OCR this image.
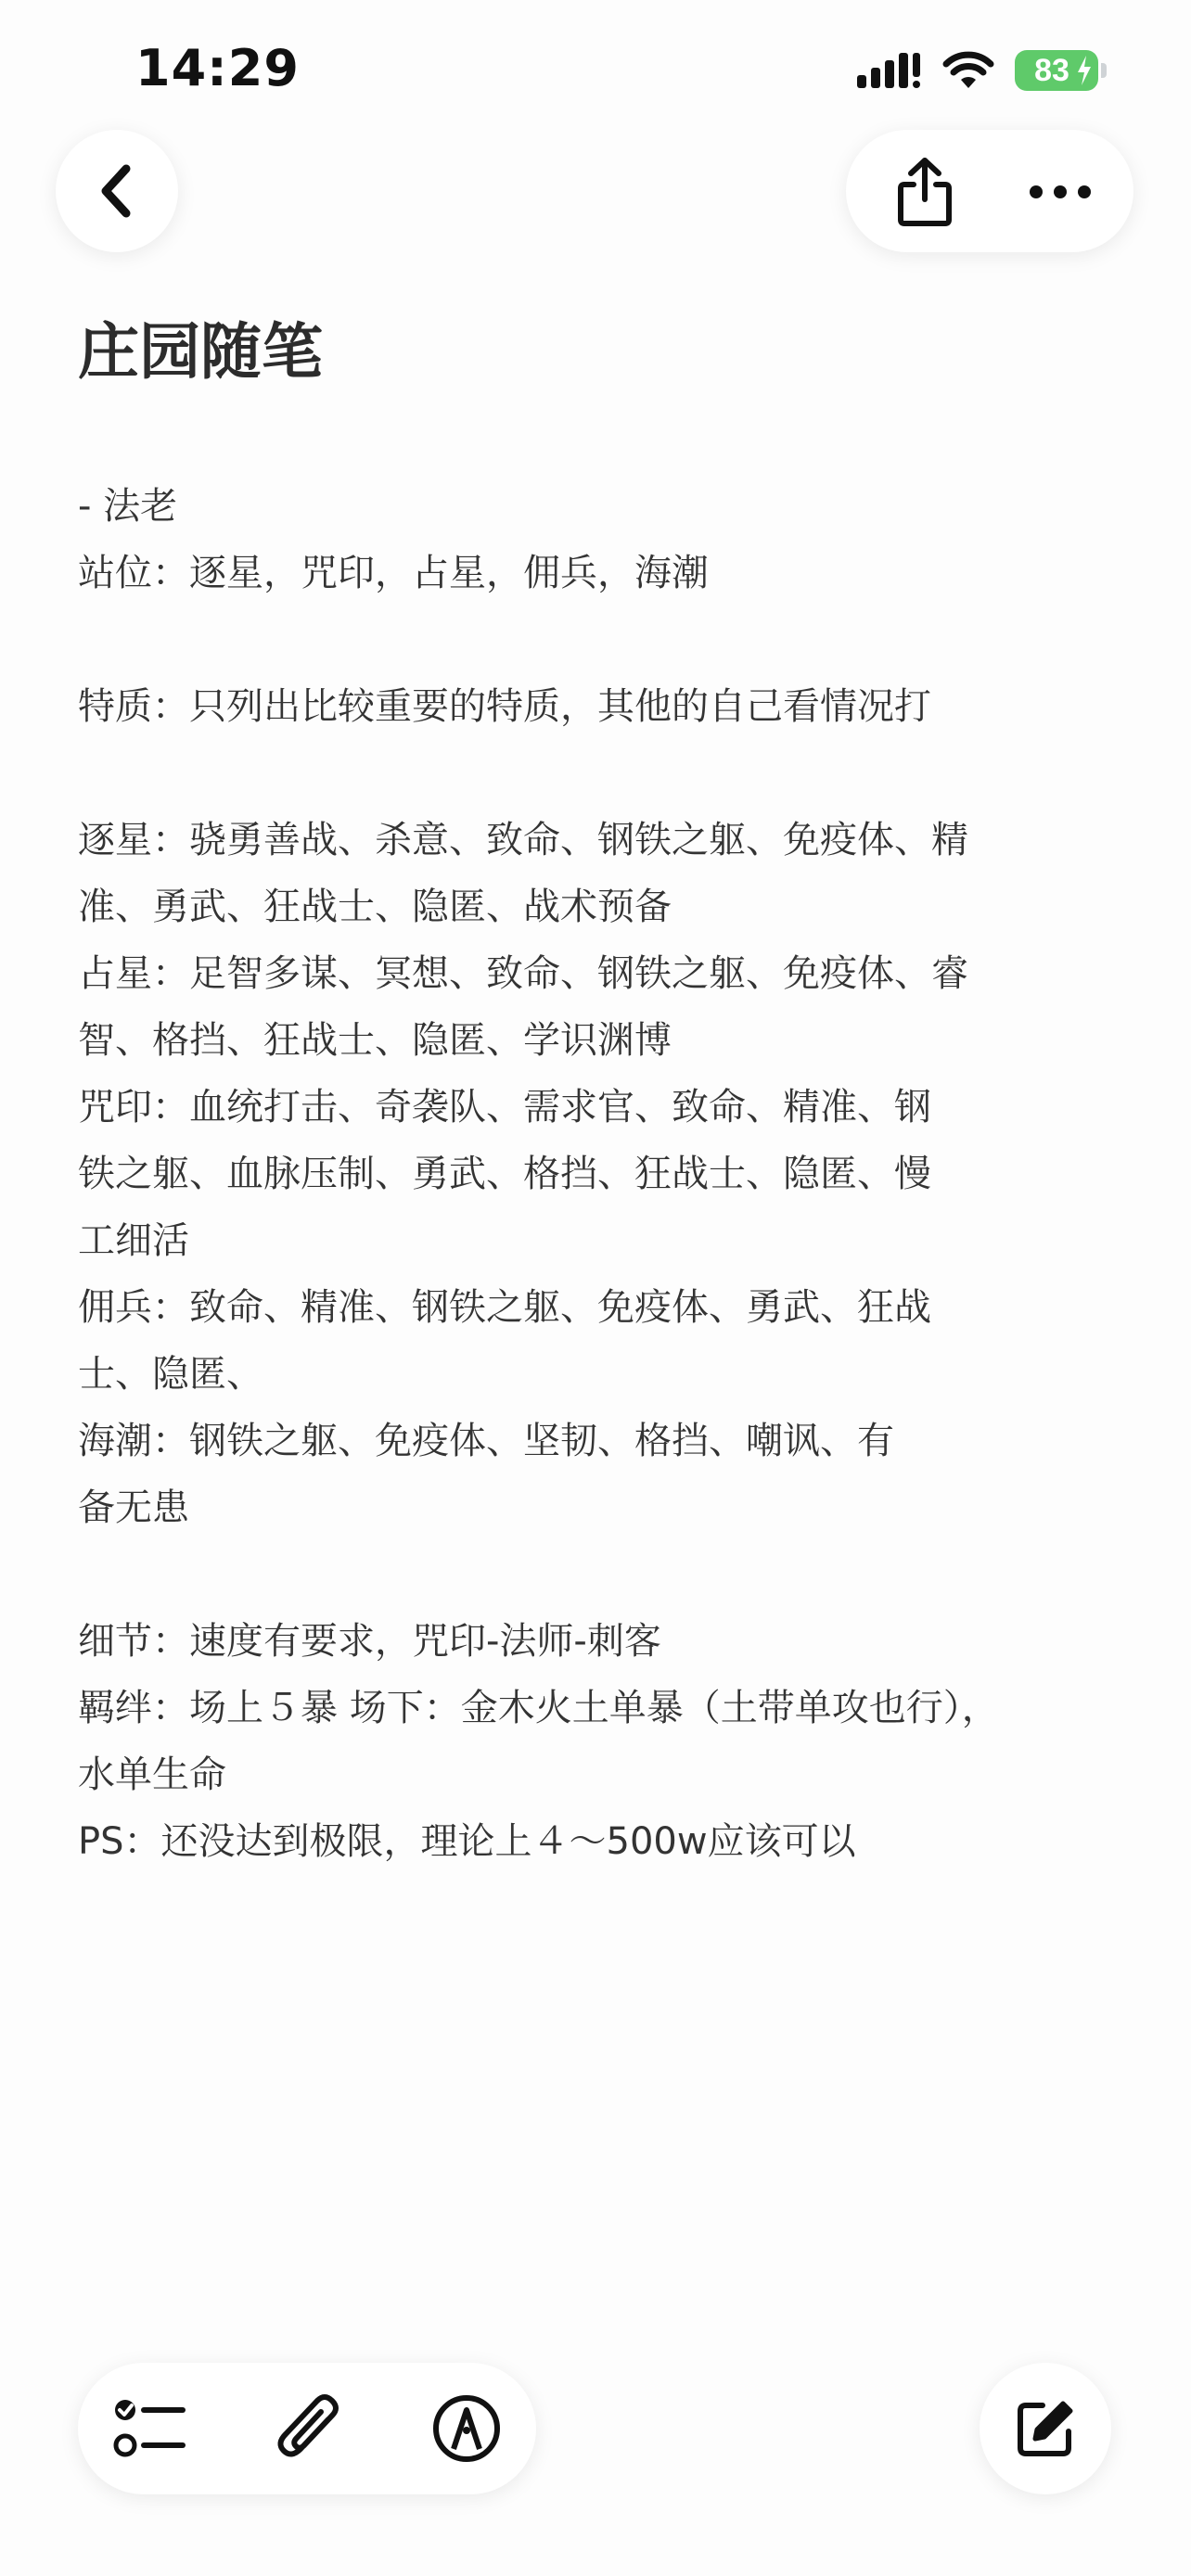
14:29	83
庄园随笔
- 法老
站位：逐星，咒印，占星，佣兵，海潮
特质：只列出比较重要的特质，其他的自己看情况打
逐星：骁勇善战、杀意、致命、钢铁之躯、免疫体、精
准、勇武、狂战士、隐匿、战术预备
占星：足智多谋、冥想、致命、钢铁之躯、免疫体、睿
智、格挡、狂战士、隐匿、学识渊博
咒印：血统打击、奇袭队、需求官、致命、精准、钢
铁之躯、血脉压制、勇武、格挡、狂战士、隐匿、慢
工细活
佣兵：致命、精准、钢铁之躯、免疫体、勇武、狂战
士、隐匿、
海潮：钢铁之躯、免疫体、坚韧、格挡、嘲讽、有
备无患
细节：速度有要求，咒印-法师-刺客
羁绊：场上５暴 场下：金木火土单暴（土带单攻也行），
水单生命
PS：还没达到极限，理论上４～500w应该可以
